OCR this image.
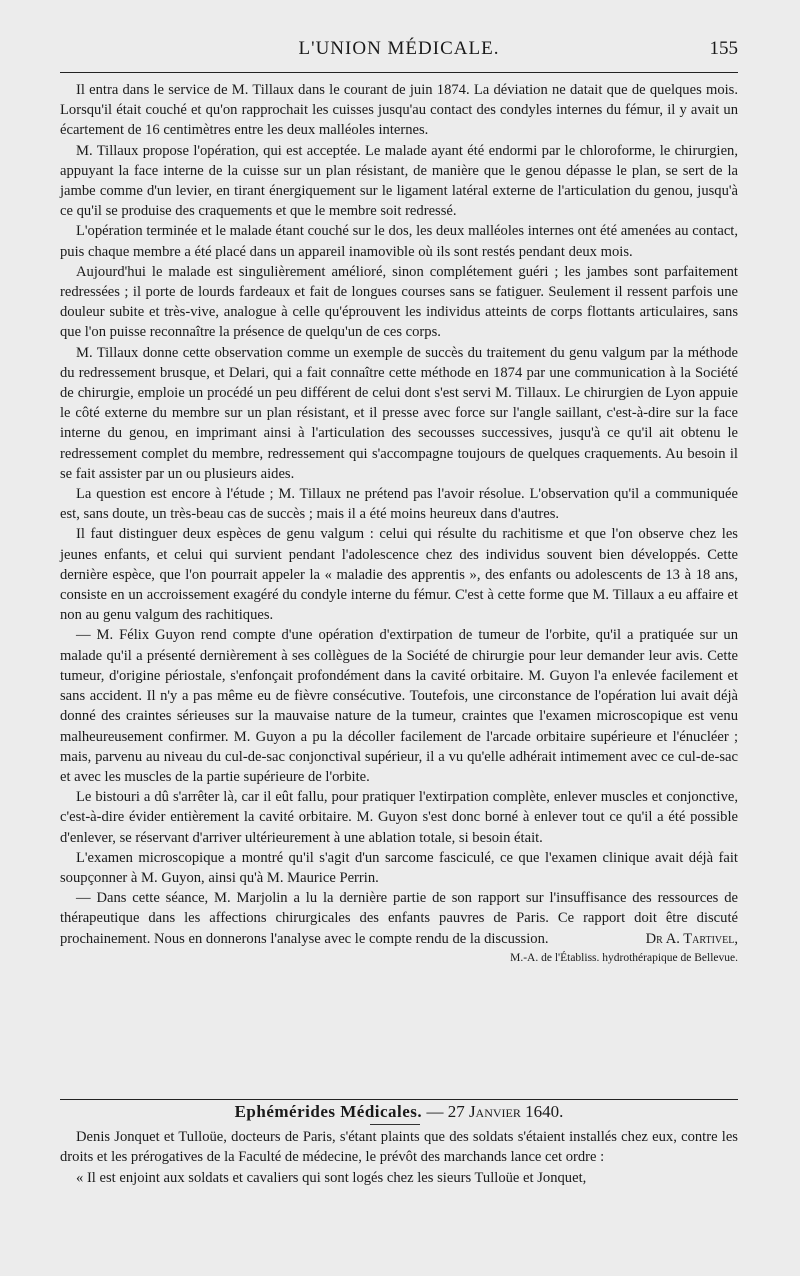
L'UNION MÉDICALE.	155

Il entra dans le service de M. Tillaux dans le courant de juin 1874. La déviation ne datait que de quelques mois. Lorsqu'il était couché et qu'on rapprochait les cuisses jusqu'au contact des condyles internes du fémur, il y avait un écartement de 16 centimètres entre les deux malléoles internes.

M. Tillaux propose l'opération, qui est acceptée. Le malade ayant été endormi par le chloroforme, le chirurgien, appuyant la face interne de la cuisse sur un plan résistant, de manière que le genou dépasse le plan, se sert de la jambe comme d'un levier, en tirant énergiquement sur le ligament latéral externe de l'articulation du genou, jusqu'à ce qu'il se produise des craquements et que le membre soit redressé.

L'opération terminée et le malade étant couché sur le dos, les deux malléoles internes ont été amenées au contact, puis chaque membre a été placé dans un appareil inamovible où ils sont restés pendant deux mois.

Aujourd'hui le malade est singulièrement amélioré, sinon complétement guéri ; les jambes sont parfaitement redressées ; il porte de lourds fardeaux et fait de longues courses sans se fatiguer. Seulement il ressent parfois une douleur subite et très-vive, analogue à celle qu'éprouvent les individus atteints de corps flottants articulaires, sans que l'on puisse reconnaître la présence de quelqu'un de ces corps.

M. Tillaux donne cette observation comme un exemple de succès du traitement du genu valgum par la méthode du redressement brusque, et Delari, qui a fait connaître cette méthode en 1874 par une communication à la Société de chirurgie, emploie un procédé un peu différent de celui dont s'est servi M. Tillaux. Le chirurgien de Lyon appuie le côté externe du membre sur un plan résistant, et il presse avec force sur l'angle saillant, c'est-à-dire sur la face interne du genou, en imprimant ainsi à l'articulation des secousses successives, jusqu'à ce qu'il ait obtenu le redressement complet du membre, redressement qui s'accompagne toujours de quelques craquements. Au besoin il se fait assister par un ou plusieurs aides.

La question est encore à l'étude ; M. Tillaux ne prétend pas l'avoir résolue. L'observation qu'il a communiquée est, sans doute, un très-beau cas de succès ; mais il a été moins heureux dans d'autres.

Il faut distinguer deux espèces de genu valgum : celui qui résulte du rachitisme et que l'on observe chez les jeunes enfants, et celui qui survient pendant l'adolescence chez des individus souvent bien développés. Cette dernière espèce, que l'on pourrait appeler la « maladie des apprentis », des enfants ou adolescents de 13 à 18 ans, consiste en un accroissement exagéré du condyle interne du fémur. C'est à cette forme que M. Tillaux a eu affaire et non au genu valgum des rachitiques.

— M. Félix Guyon rend compte d'une opération d'extirpation de tumeur de l'orbite, qu'il a pratiquée sur un malade qu'il a présenté dernièrement à ses collègues de la Société de chirurgie pour leur demander leur avis. Cette tumeur, d'origine périostale, s'enfonçait profondément dans la cavité orbitaire. M. Guyon l'a enlevée facilement et sans accident. Il n'y a pas même eu de fièvre consécutive. Toutefois, une circonstance de l'opération lui avait déjà donné des craintes sérieuses sur la mauvaise nature de la tumeur, craintes que l'examen microscopique est venu malheureusement confirmer. M. Guyon a pu la décoller facilement de l'arcade orbitaire supérieure et l'énucléer ; mais, parvenu au niveau du cul-de-sac conjonctival supérieur, il a vu qu'elle adhérait intimement avec ce cul-de-sac et avec les muscles de la partie supérieure de l'orbite.

Le bistouri a dû s'arrêter là, car il eût fallu, pour pratiquer l'extirpation complète, enlever muscles et conjonctive, c'est-à-dire évider entièrement la cavité orbitaire. M. Guyon s'est donc borné à enlever tout ce qu'il a été possible d'enlever, se réservant d'arriver ultérieurement à une ablation totale, si besoin était.

L'examen microscopique a montré qu'il s'agit d'un sarcome fasciculé, ce que l'examen clinique avait déjà fait soupçonner à M. Guyon, ainsi qu'à M. Maurice Perrin.

— Dans cette séance, M. Marjolin a lu la dernière partie de son rapport sur l'insuffisance des ressources de thérapeutique dans les affections chirurgicales des enfants pauvres de Paris. Ce rapport doit être discuté prochainement. Nous en donnerons l'analyse avec le compte rendu de la discussion.	Dr A. Tartivel,

M.-A. de l'Établiss. hydrothérapique de Bellevue.

Ephémérides Médicales. — 27 Janvier 1640.

Denis Jonquet et Tulloüe, docteurs de Paris, s'étant plaints que des soldats s'étaient installés chez eux, contre les droits et les prérogatives de la Faculté de médecine, le prévôt des marchands lance cet ordre :

« Il est enjoint aux soldats et cavaliers qui sont logés chez les sieurs Tulloüe et Jonquet,
